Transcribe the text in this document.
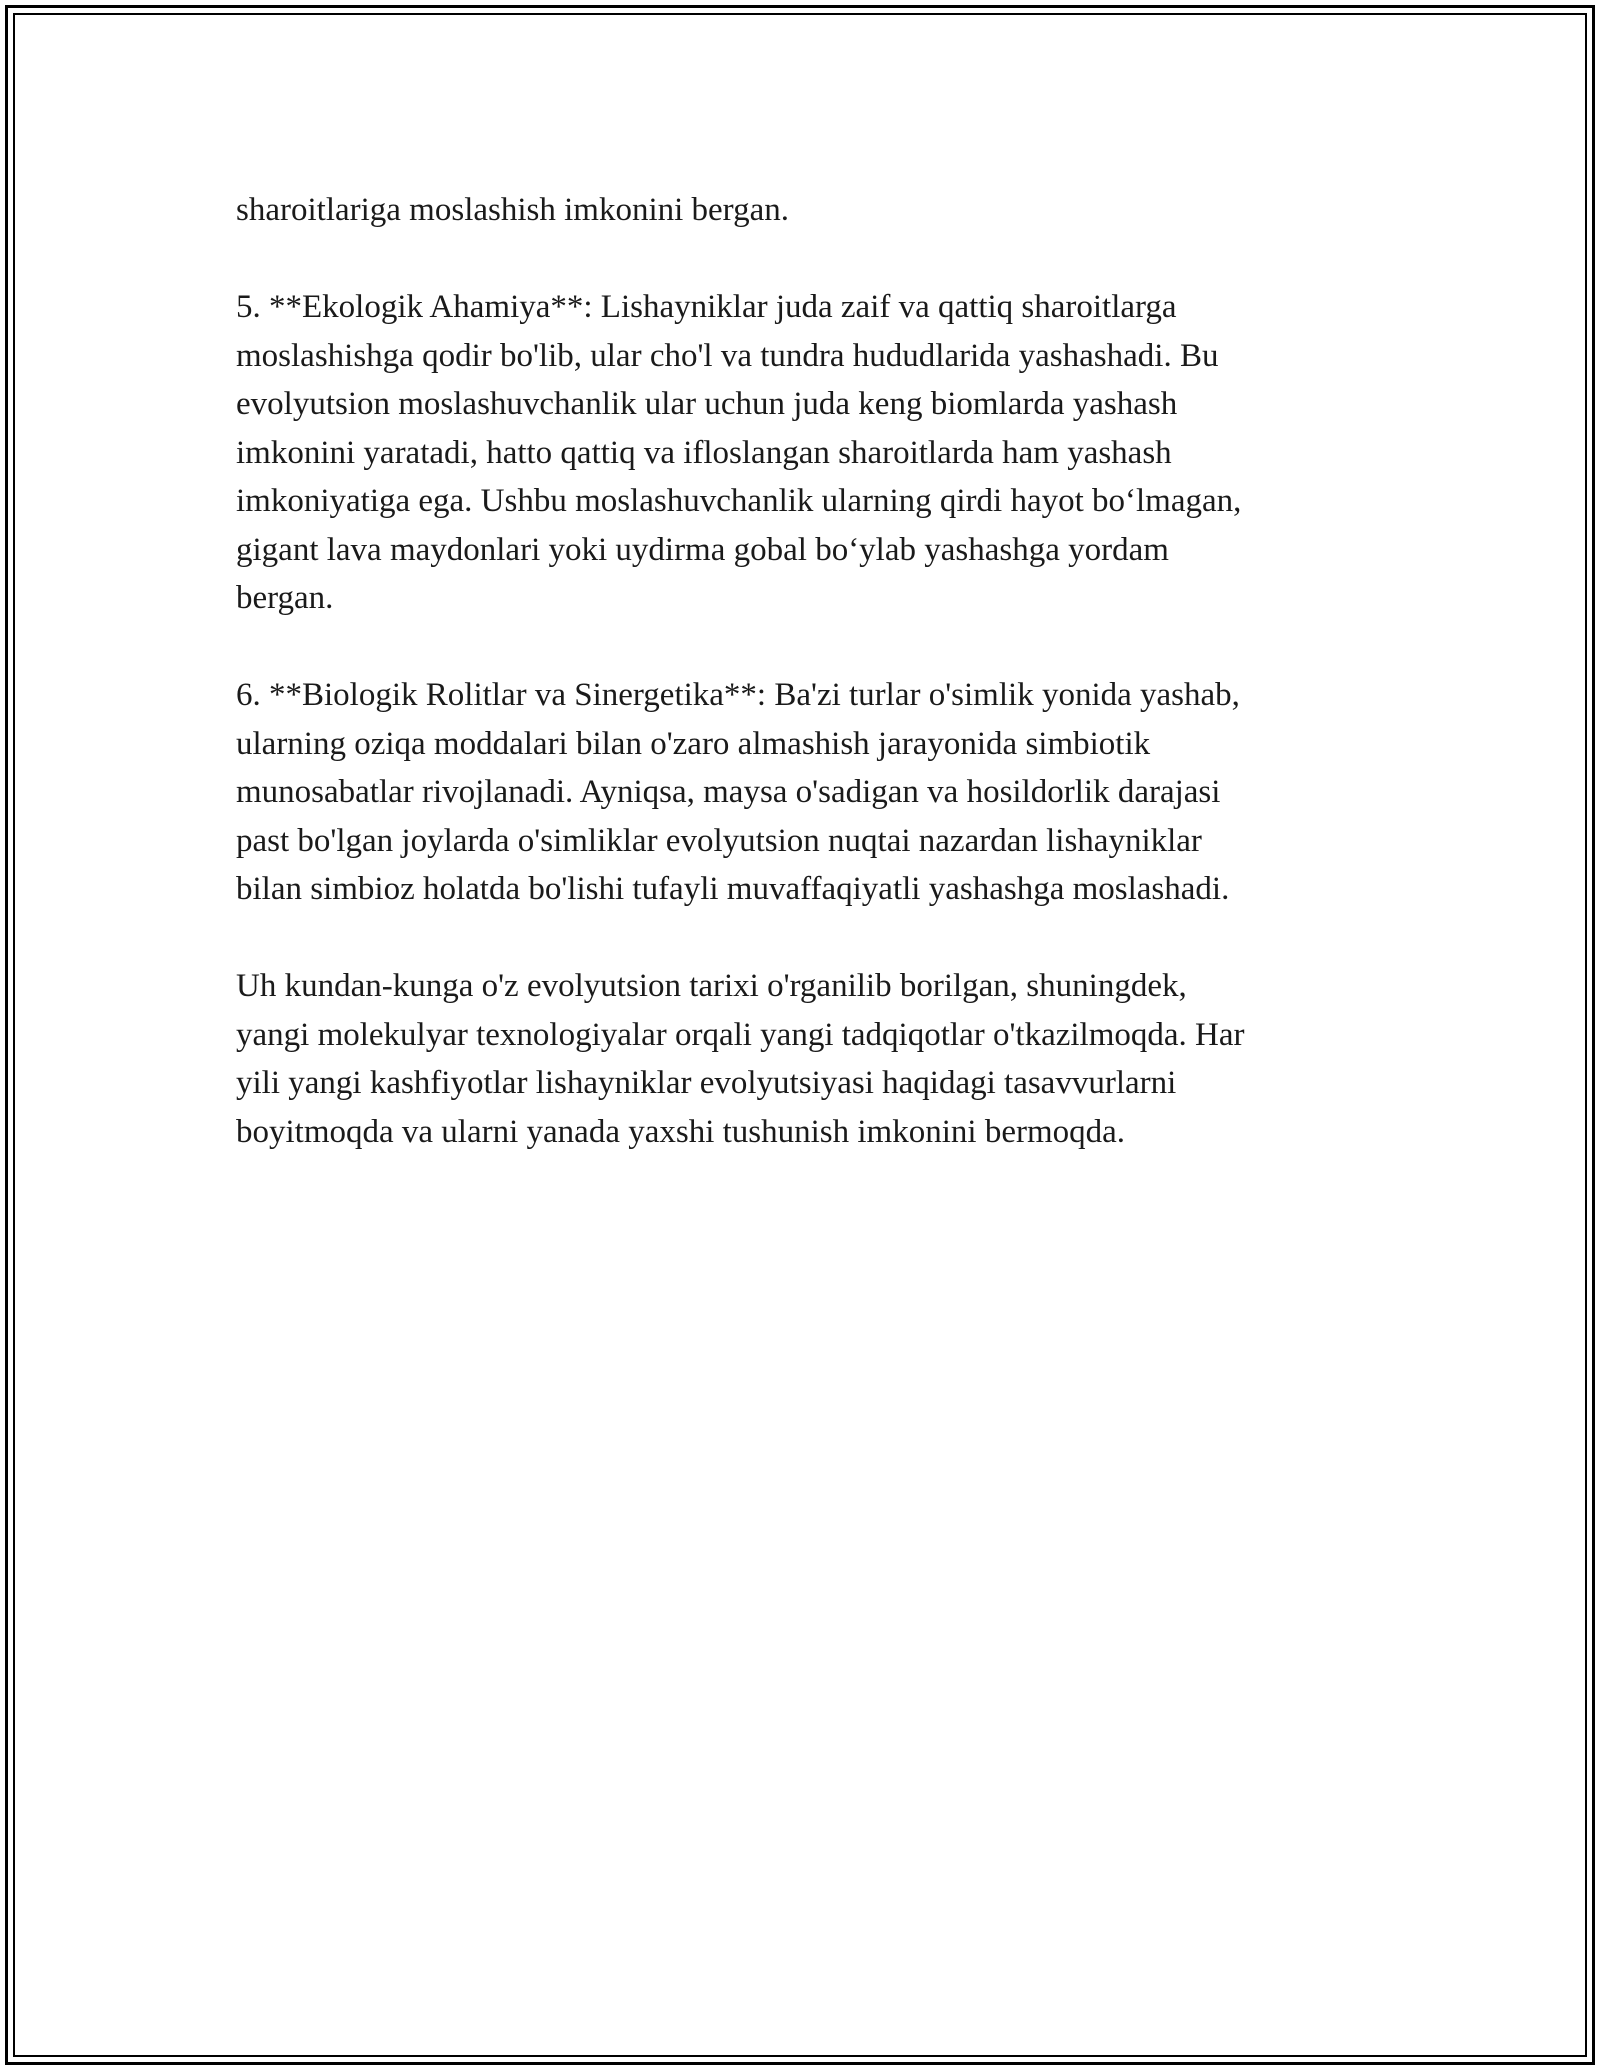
sharoitlariga moslashish imkonini bergan.

5. **Ekologik Ahamiya**: Lishayniklar juda zaif va qattiq sharoitlarga
moslashishga qodir bo'lib, ular cho'l va tundra hududlarida yashashadi. Bu
evolyutsion moslashuvchanlik ular uchun juda keng biomlarda yashash
imkonini yaratadi, hatto qattiq va ifloslangan sharoitlarda ham yashash
imkoniyatiga ega. Ushbu moslashuvchanlik ularning qirdi hayot bo‘lmagan,
gigant lava maydonlari yoki uydirma gobal bo‘ylab yashashga yordam
bergan.

6. **Biologik Rolitlar va Sinergetika**: Ba'zi turlar o'simlik yonida yashab,
ularning oziqa moddalari bilan o'zaro almashish jarayonida simbiotik
munosabatlar rivojlanadi. Ayniqsa, maysa o'sadigan va hosildorlik darajasi
past bo'lgan joylarda o'simliklar evolyutsion nuqtai nazardan lishayniklar
bilan simbioz holatda bo'lishi tufayli muvaffaqiyatli yashashga moslashadi.

Uh kundan-kunga o'z evolyutsion tarixi o'rganilib borilgan, shuningdek,
yangi molekulyar texnologiyalar orqali yangi tadqiqotlar o'tkazilmoqda. Har
yili yangi kashfiyotlar lishayniklar evolyutsiyasi haqidagi tasavvurlarni
boyitmoqda va ularni yanada yaxshi tushunish imkonini bermoqda.
